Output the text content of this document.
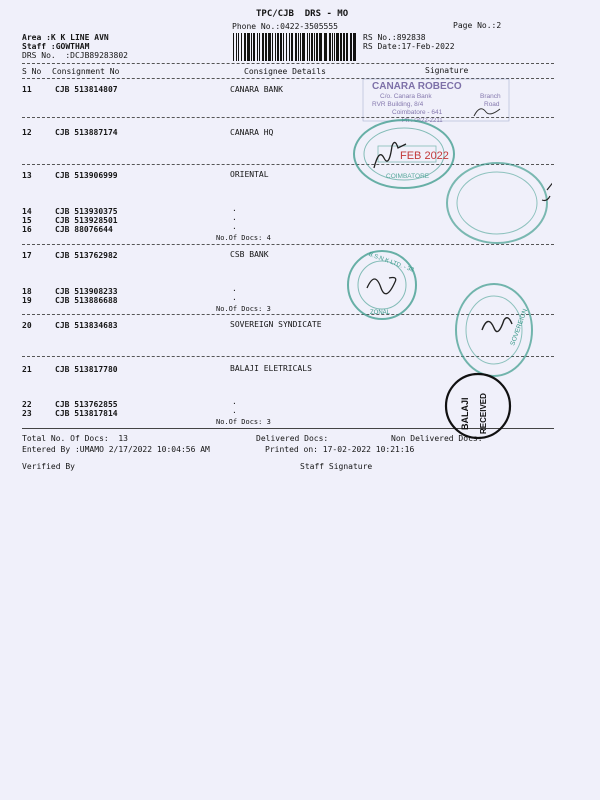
TPC/CJB  DRS - MO
Phone No.:0422-3505555	Page No.:2
Area :K K LINE AVN
Staff :GOWTHAM
DRS No.  :DCJB89283802
RS No.:892838
RS Date:17-Feb-2022
S No Consignment No	Consignee Details	Signature
11	CJB 513814807	CANARA BANK
12	CJB 513887174	CANARA HQ
13	CJB 513906999	ORIENTAL
14	CJB 513930375	.
15	CJB 513928501	.
16	CJB 88076644	.
No.Of Docs: 4
17	CJB 513762982	CSB BANK
18	CJB 513908233	.
19	CJB 513886688	.
No.Of Docs: 3
20	CJB 513834683	SOVEREIGN SYNDICATE
21	CJB 513817780	BALAJI ELETRICALS
22	CJB 513762855	.
23	CJB 513817814	.
No.Of Docs: 3
Total No. Of Docs:  13	Delivered Docs:	Non Delivered Docs:
Entered By :UMAMO 2/17/2022 10:04:56 AM	Printed on: 17-02-2022 10:21:16
Verified By	Staff Signature
CANARA ROBECO
C/o. Canara Bank
RVR Building, 8/4
Coimbatore - 641
Ph : 0422-2211
Branch
Road
FEB 2022
COIMBATORE
B.S.N.K LTD. - 38
ZONAL	SOVEREIGN
BALAJI RECEIVED
